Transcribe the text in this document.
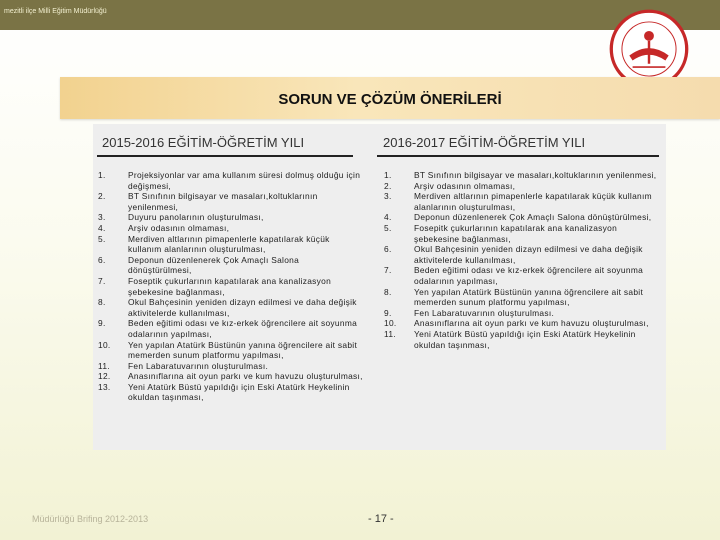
mezitli ilçe Milli Eğitim Müdürlüğü
SORUN VE ÇÖZÜM ÖNERİLERİ
2015-2016 EĞİTİM-ÖĞRETİM YILI	2016-2017 EĞİTİM-ÖĞRETİM YILI
1.	Projeksiyonlar var ama kullanım süresi dolmuş olduğu için değişmesi,
2.	BT Sınıfının bilgisayar ve masaları,koltuklarının yenilenmesi,
3.	Duyuru panolarının oluşturulması,
4.	Arşiv odasının olmaması,
5.	Merdiven altlarının pimapenlerle kapatılarak küçük kullanım alanlarının oluşturulması,
6.	Deponun düzenlenerek Çok Amaçlı Salona dönüştürülmesi,
7.	Foseptik çukurlarının kapatılarak ana kanalizasyon şebekesine bağlanması,
8.	Okul Bahçesinin yeniden dizayn edilmesi ve daha değişik aktivitelerde kullanılması,
9.	Beden eğitimi odası ve kız-erkek öğrencilere ait soyunma odalarının yapılması,
10.	Yen yapılan Atatürk Büstünün yanına öğrencilere ait sabit memerden sunum platformu yapılması,
11.	Fen Labaratuvarının oluşturulması.
12.	Anasınıflarına ait oyun parkı ve kum havuzu oluşturulması,
13.	Yeni Atatürk Büstü yapıldığı için Eski Atatürk Heykelinin okuldan taşınması,
1.	BT Sınıfının bilgisayar ve masaları,koltuklarının yenilenmesi,
2.	Arşiv odasının olmaması,
3.	Merdiven altlarının pimapenlerle kapatılarak küçük kullanım alanlarının oluşturulması,
4.	Deponun düzenlenerek Çok Amaçlı Salona dönüştürülmesi,
5.	Fosepitk çukurlarının kapatılarak ana kanalizasyon şebekesine bağlanması,
6.	Okul Bahçesinin yeniden dizayn edilmesi ve daha değişik aktivitelerde kullanılması,
7.	Beden eğitimi odası ve kız-erkek öğrencilere ait soyunma odalarının yapılması,
8.	Yen yapılan Atatürk Büstünün yanına öğrencilere ait sabit memerden sunum platformu yapılması,
9.	Fen Labaratuvarının oluşturulması.
10.	Anasınıflarına ait oyun parkı ve kum havuzu oluşturulması,
11.	Yeni Atatürk Büstü yapıldığı için Eski Atatürk Heykelinin okuldan taşınması,
Müdürlüğü Brifing 2012-2013	- 17 -
